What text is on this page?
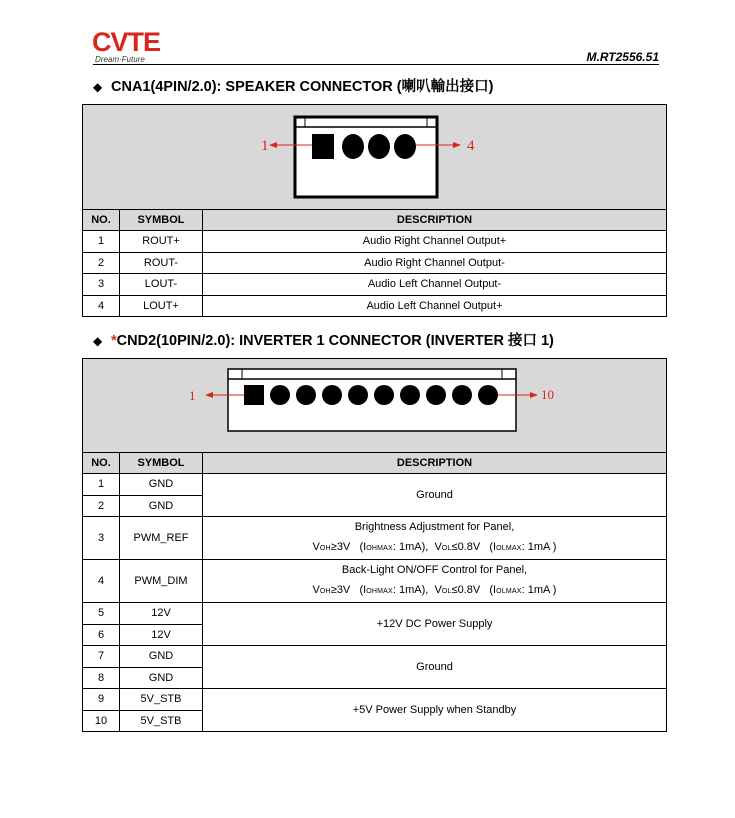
CVTE
Dream·Future	M.RT2556.51
◆ CNA1(4PIN/2.0): SPEAKER CONNECTOR (喇叭輸出接口)
1	4
NO.	SYMBOL	DESCRIPTION
1	ROUT+	Audio Right Channel Output+
2	ROUT-	Audio Right Channel Output-
3	LOUT-	Audio Left Channel Output-
4	LOUT+	Audio Left Channel Output+
◆ *CND2(10PIN/2.0): INVERTER 1 CONNECTOR (INVERTER 接口 1)
1	10
NO.	SYMBOL	DESCRIPTION
1	GND	Ground
2	GND	
3	PWM_REF	Brightness Adjustment for Panel,
VOH≥3V (IOHMAX: 1mA), VOL≤0.8V (IOLMAX: 1mA )

4	PWM_DIM	Back-Light ON/OFF Control for Panel,
VOH≥3V (IOHMAX: 1mA), VOL≤0.8V (IOLMAX: 1mA )

5	12V	+12V DC Power Supply
6	12V	
7	GND	Ground
8	GND	
9	5V_STB	+5V Power Supply when Standby
10	5V_STB	
